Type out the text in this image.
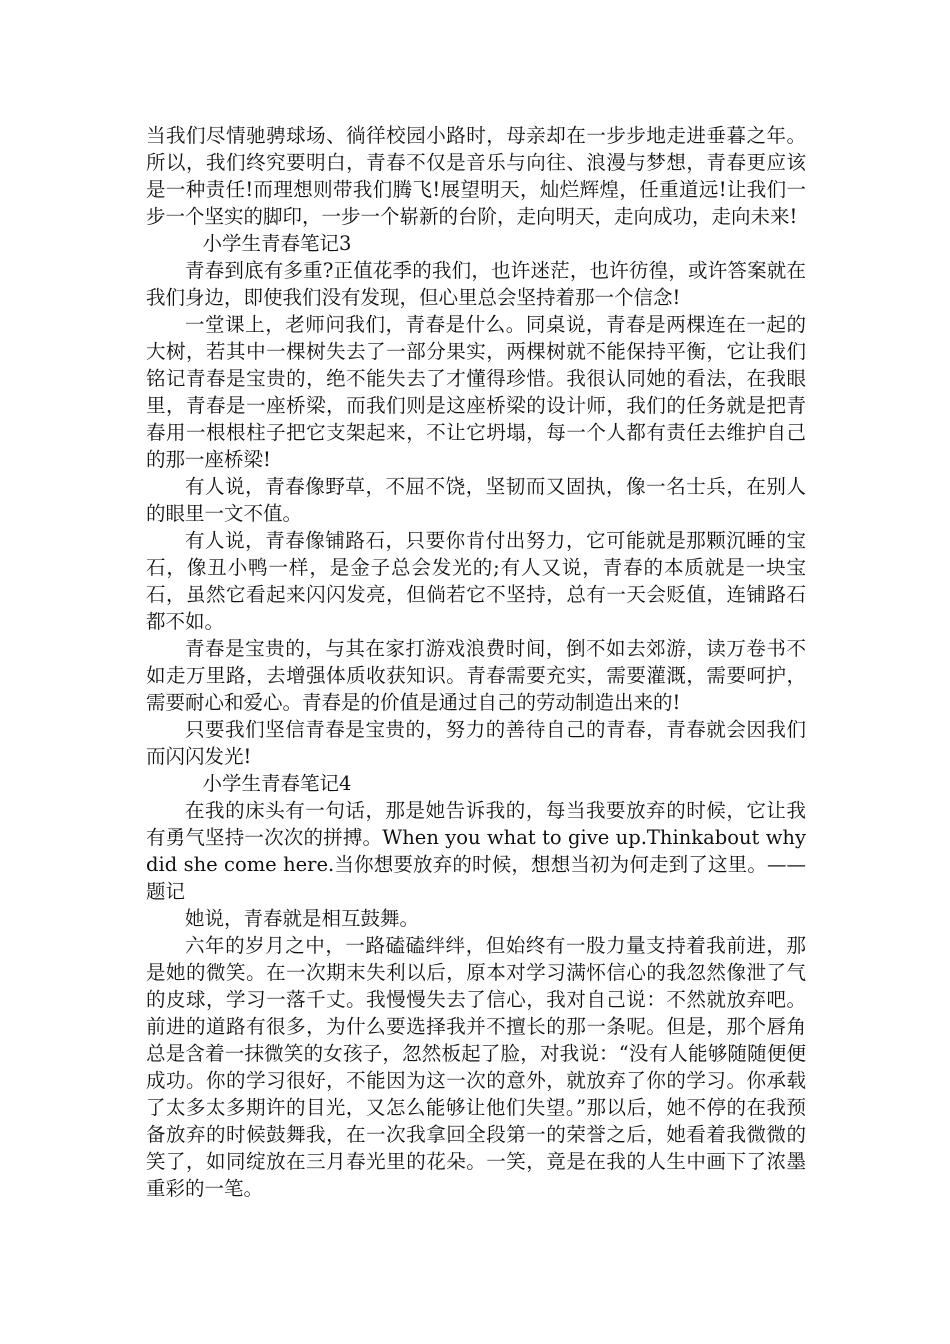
当我们尽情驰骋球场、徜徉校园小路时，母亲却在一步步地走进垂暮之年。所以，我们终究要明白，青春不仅是音乐与向往、浪漫与梦想，青春更应该是一种责任!而理想则带我们腾飞!展望明天，灿烂辉煌，任重道远!让我们一步一个坚实的脚印，一步一个崭新的台阶，走向明天，走向成功，走向未来!

小学生青春笔记3

青春到底有多重?正值花季的我们，也许迷茫，也许彷徨，或许答案就在我们身边，即使我们没有发现，但心里总会坚持着那一个信念!

一堂课上，老师问我们，青春是什么。同桌说，青春是两棵连在一起的大树，若其中一棵树失去了一部分果实，两棵树就不能保持平衡，它让我们铭记青春是宝贵的，绝不能失去了才懂得珍惜。我很认同她的看法，在我眼里，青春是一座桥梁，而我们则是这座桥梁的设计师，我们的任务就是把青春用一根根柱子把它支架起来，不让它坍塌，每一个人都有责任去维护自己的那一座桥梁!

有人说，青春像野草，不屈不饶，坚韧而又固执，像一名士兵，在别人的眼里一文不值。

有人说，青春像铺路石，只要你肯付出努力，它可能就是那颗沉睡的宝石，像丑小鸭一样，是金子总会发光的;有人又说，青春的本质就是一块宝石，虽然它看起来闪闪发亮，但倘若它不坚持，总有一天会贬值，连铺路石都不如。

青春是宝贵的，与其在家打游戏浪费时间，倒不如去郊游，读万卷书不如走万里路，去增强体质收获知识。青春需要充实，需要灌溉，需要呵护，需要耐心和爱心。青春是的价值是通过自己的劳动制造出来的!

只要我们坚信青春是宝贵的，努力的善待自己的青春，青春就会因我们而闪闪发光!

小学生青春笔记4

在我的床头有一句话，那是她告诉我的，每当我要放弃的时候，它让我有勇气坚持一次次的拼搏。When you what to give up.Thinkabout why did she come here.当你想要放弃的时候，想想当初为何走到了这里。——题记

她说，青春就是相互鼓舞。

六年的岁月之中，一路磕磕绊绊，但始终有一股力量支持着我前进，那是她的微笑。在一次期末失利以后，原本对学习满怀信心的我忽然像泄了气的皮球，学习一落千丈。我慢慢失去了信心，我对自己说：不然就放弃吧。前进的道路有很多，为什么要选择我并不擅长的那一条呢。但是，那个唇角总是含着一抹微笑的女孩子，忽然板起了脸，对我说：“没有人能够随随便便成功。你的学习很好，不能因为这一次的意外，就放弃了你的学习。你承载了太多太多期许的目光，又怎么能够让他们失望。”那以后，她不停的在我预备放弃的时候鼓舞我，在一次我拿回全段第一的荣誉之后，她看着我微微的笑了，如同绽放在三月春光里的花朵。一笑，竟是在我的人生中画下了浓墨重彩的一笔。
